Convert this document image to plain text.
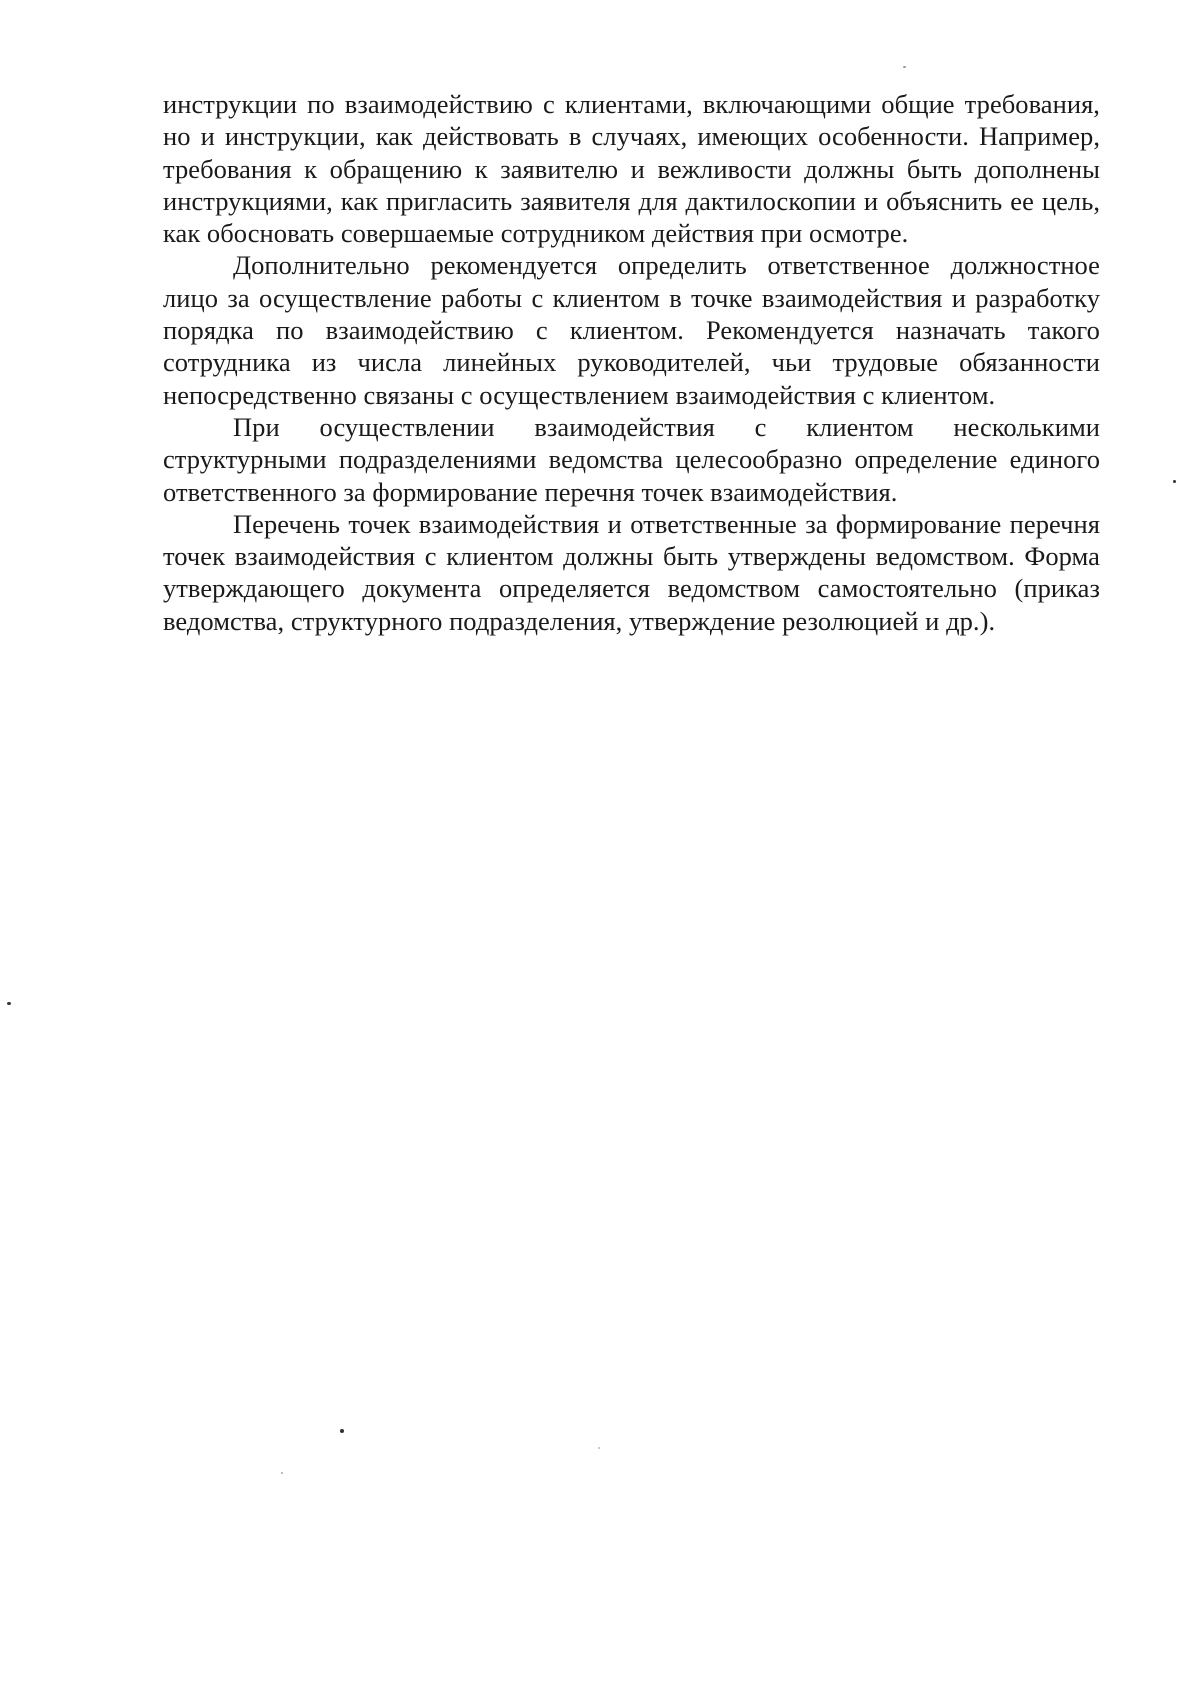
инструкции по взаимодействию с клиентами, включающими общие требования, но и инструкции, как действовать в случаях, имеющих особенности. Например, требования к обращению к заявителю и вежливости должны быть дополнены инструкциями, как пригласить заявителя для дактилоскопии и объяснить ее цель, как обосновать совершаемые сотрудником действия при осмотре.

Дополнительно рекомендуется определить ответственное должностное лицо за осуществление работы с клиентом в точке взаимодействия и разработку порядка по взаимодействию с клиентом. Рекомендуется назначать такого сотрудника из числа линейных руководителей, чьи трудовые обязанности непосредственно связаны с осуществлением взаимодействия с клиентом.

При осуществлении взаимодействия с клиентом несколькими структурными подразделениями ведомства целесообразно определение единого ответственного за формирование перечня точек взаимодействия.

Перечень точек взаимодействия и ответственные за формирование перечня точек взаимодействия с клиентом должны быть утверждены ведомством. Форма утверждающего документа определяется ведомством самостоятельно (приказ ведомства, структурного подразделения, утверждение резолюцией и др.).
